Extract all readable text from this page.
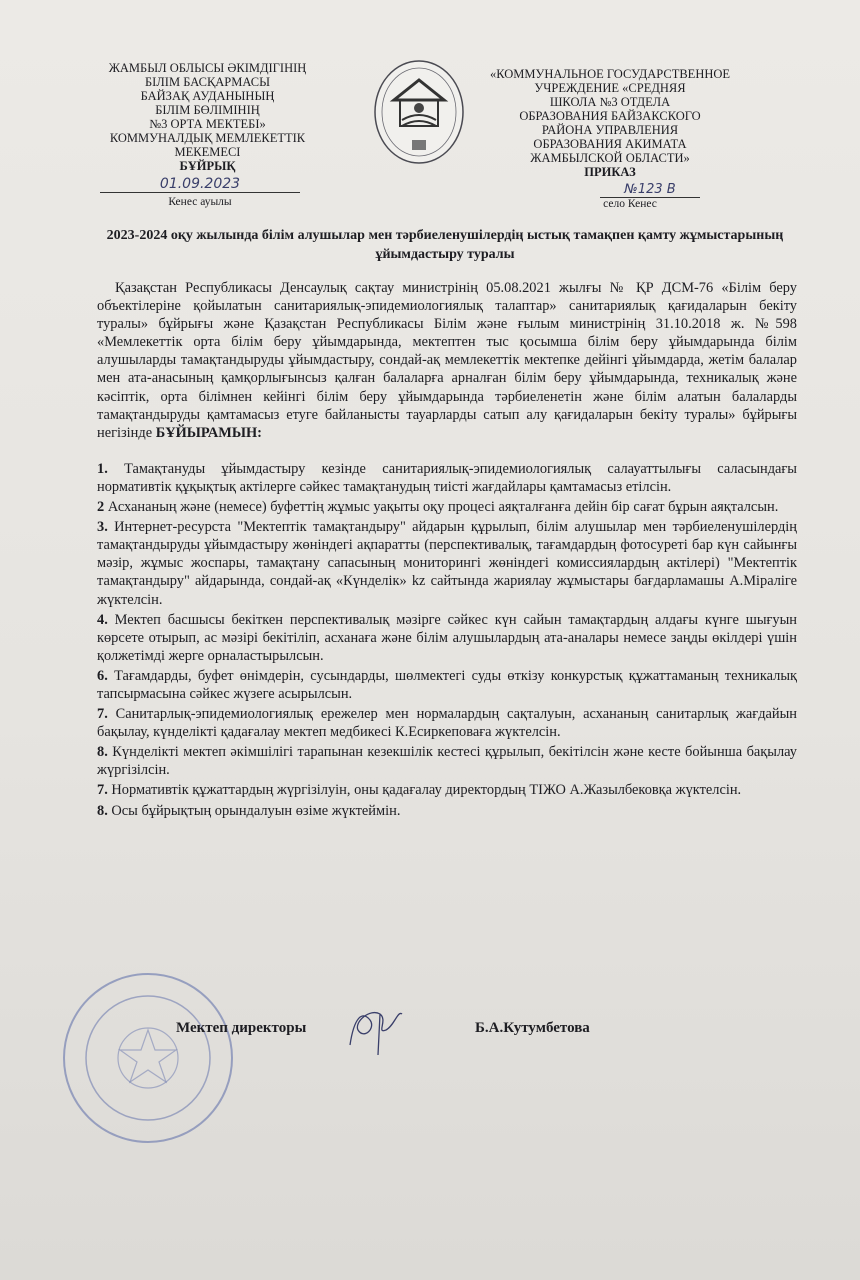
ЖАМБЫЛ ОБЛЫСЫ ӘКІМДІГІНІҢ
БІЛІМ БАСҚАРМАСЫ
БАЙЗАҚ АУДАНЫНЫҢ
БІЛІМ БӨЛІМІНІҢ
№3 ОРТА МЕКТЕБІ»
КОММУНАЛДЫҚ МЕМЛЕКЕТТІК
МЕКЕМЕСІ
БҰЙРЫҚ
01.09.2023
Кенес ауылы
«КОММУНАЛЬНОЕ ГОСУДАРСТВЕННОЕ
УЧРЕЖДЕНИЕ «СРЕДНЯЯ
ШКОЛА №3 ОТДЕЛА
ОБРАЗОВАНИЯ БАЙЗАКСКОГО
РАЙОНА УПРАВЛЕНИЯ
ОБРАЗОВАНИЯ АКИМАТА
ЖАМБЫЛСКОЙ ОБЛАСТИ»
ПРИКАЗ
№123 В
село Кенес
2023-2024 оқу жылында білім алушылар мен тәрбиеленушілердің ыстық тамақпен қамту жұмыстарының ұйымдастыру туралы

Қазақстан Республикасы Денсаулық сақтау министрінің 05.08.2021 жылғы № ҚР ДСМ-76 «Білім беру объектілеріне қойылатын санитариялық-эпидемиологиялық талаптар» санитариялық қағидаларын бекіту туралы» бұйрығы және Қазақстан Республикасы Білім және ғылым министрінің 31.10.2018 ж. №598 «Мемлекеттік орта білім беру ұйымдарында, мектептен тыс қосымша білім беру ұйымдарында білім алушыларды тамақтандыруды ұйымдастыру, сондай-ақ мемлекеттік мектепке дейінгі ұйымдарда, жетім балалар мен ата-анасының қамқорлығынсыз қалған балаларға арналған білім беру ұйымдарында, техникалық және кәсіптік, орта білімнен кейінгі білім беру ұйымдарында тәрбиеленетін және білім алатын балаларды тамақтандыруды қамтамасыз етуге байланысты тауарларды сатып алу қағидаларын бекіту туралы» бұйрығы негізінде БҰЙЫРАМЫН:

1. Тамақтануды ұйымдастыру кезінде санитариялық-эпидемиологиялық салауаттылығы саласындағы нормативтік құқықтық актілерге сәйкес тамақтанудың тиісті жағдайлары қамтамасыз етілсін.

2 Асхананың және (немесе) буфеттің жұмыс уақыты оқу процесі аяқталғанға дейін бір сағат бұрын аяқталсын.

3. Интернет-ресурста "Мектептік тамақтандыру" айдарын құрылып, білім алушылар мен тәрбиеленушілердің тамақтандыруды ұйымдастыру жөніндегі ақпаратты (перспективалық, тағамдардың фотосуреті бар күн сайынғы мәзір, жұмыс жоспары, тамақтану сапасының мониторингі жөніндегі комиссиялардың актілері) "Мектептік тамақтандыру" айдарында, сондай-ақ «Күнделік» kz сайтында жариялау жұмыстары бағдарламашы А.Міраліге жүктелсін.

4. Мектеп басшысы бекіткен перспективалық мәзірге сәйкес күн сайын тамақтардың алдағы күнге шығуын көрсете отырып, ас мәзірі бекітіліп, асханаға және білім алушылардың ата-аналары немесе заңды өкілдері үшін қолжетімді жерге орналастырылсын.

6. Тағамдарды, буфет өнімдерін, сусындарды, шөлмектегі суды өткізу конкурстық құжаттаманың техникалық тапсырмасына сәйкес жүзеге асырылсын.

7. Санитарлық-эпидемиологиялық ережелер мен нормалардың сақталуын, асхананың санитарлық жағдайын бақылау, күнделікті қадағалау мектеп медбикесі К.Есиркеповаға жүктелсін.

8. Күнделікті мектеп әкімшілігі тарапынан кезекшілік кестесі құрылып, бекітілсін және кесте бойынша бақылау жүргізілсін.

7. Нормативтік құжаттардың жүргізілуін, оны қадағалау директордың ТІЖО А.Жазылбековқа жүктелсін.

8. Осы бұйрықтың орындалуын өзіме жүктеймін.

Мектеп директоры	Б.А.Кутумбетова
